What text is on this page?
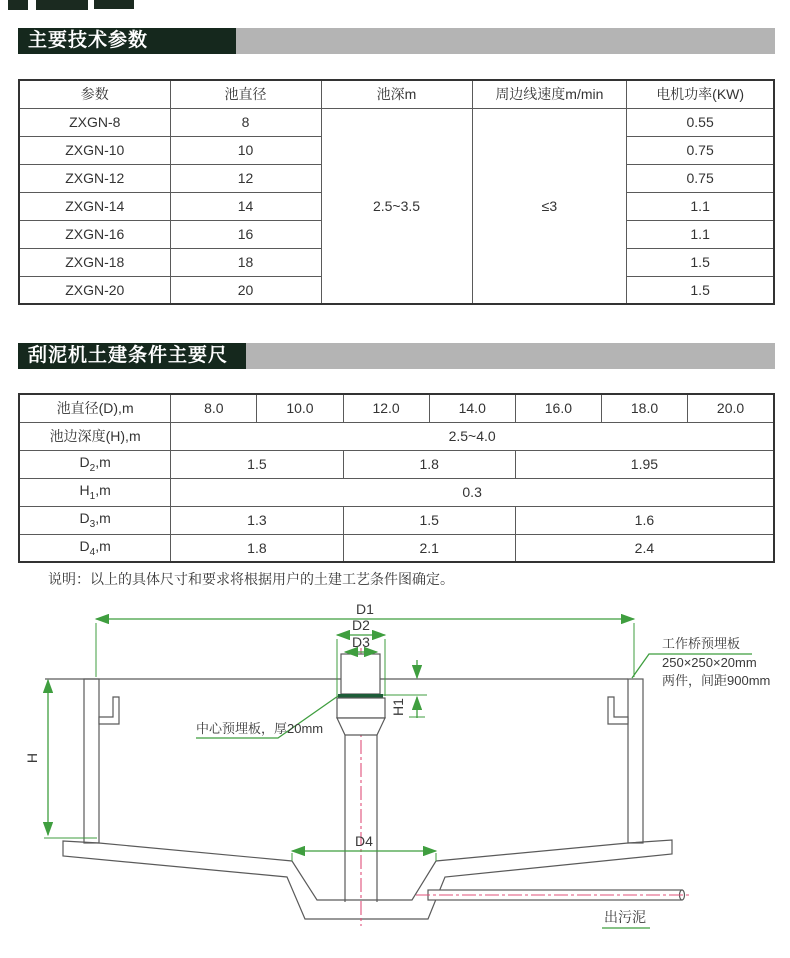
主要技术参数
参数	池直径	池深m	周边线速度m/min	电机功率(KW)
ZXGN-8	8	2.5~3.5	≤3	0.55
ZXGN-10	10			0.75
ZXGN-12	12			0.75
ZXGN-14	14			1.1
ZXGN-16	16			1.1
ZXGN-18	18			1.5
ZXGN-20	20			1.5
刮泥机土建条件主要尺寸
池直径(D),m	8.0	10.0	12.0	14.0	16.0	18.0	20.0
池边深度(H),m	2.5~4.0						
$D_2,m$	1.5		1.8		1.95		
$H_1,m$	0.3						
$D_3,m$	1.3		1.5		1.6		
$D_4,m$	1.8		2.1		2.4		
说明：以上的具体尺寸和要求将根据用户的土建工艺条件图确定。
D1
D2
D3
D4
H
H1
工作桥预埋板
250×250×20mm
两件，间距900mm
中心预埋板，厚20mm
出污泥
